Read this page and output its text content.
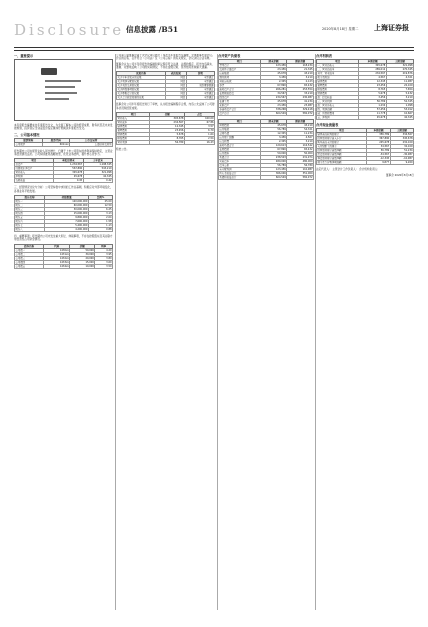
Disclosure 信息披露 /B51	2020年8月18日 星期二 上海证券报
一、重要提示
本年度报告摘要来自年度报告全文，为全面了解本公司的经营成果、财务状况及未来发展规划，投资者应当到证监会指定媒体仔细阅读年度报告全文。
二、公司基本情况
股票简称	股票代码	上市交易所
公司股票	601xxx	上海证券交易所
报告期内公司实现营业收入同比增长，归属于上市公司股东的净利润保持稳定，主营业务经营情况良好。公司持续推进战略转型，优化业务结构，提升核心竞争力。
项目	本报告期末	上年度末
总资产	1,234,567	1,198,345
归属股东净资产	567,890	543,210
营业收入	345,678	321,098
净利润	45,678	42,345
每股收益	0.45	0.42
三、经营情况讨论与分析：公司坚持稳中求进的工作总基调，积极应对外部环境变化，各项业务平稳发展。
股东名称	持股数量	比例%
股东一	120,000,000	25.00
股东二	60,000,000	12.50
股东三	30,000,000	6.25
股东四	15,000,000	3.13
股东五	9,800,000	2.04
股东六	7,600,000	1.58
股东七	5,400,000	1.13
股东八	4,200,000	0.88
四、重要事项：报告期内公司未发生重大诉讼、仲裁事项，不存在控股股东及其关联方非经营性占用资金情况。
债券名称	代码	余额	利率
公司债一	1430xx	50,000	4.20
公司债二	1431xx	30,000	3.95
公司债三	1432xx	20,000	3.80
公司债四	1433xx	15,000	3.60
公司债五	1434xx	10,000	3.50
公司第八届董事会第十次会议审议通过了本次半年度报告及摘要，全体董事出席会议。会议的召集、召开符合《公司法》及《公司章程》的有关规定，会议决议合法有效。
董事会认为公司半年度报告的编制和审议程序符合法律、法规的规定，报告内容真实、准确、完整地反映了公司的实际情况，不存在虚假记载、误导性陈述或重大遗漏。
议案名称	表决结果	说明
关于半年度报告的议案	同意	全票通过
关于利润分配的议案	同意	全票通过
关于关联交易的议案	同意	关联董事回避
关于担保事项的议案	同意	全票通过
关于募集资金的议案	同意	全票通过
关于会计政策变更的议案	同意	全票通过
监事会对公司半年度报告进行了审核，认为报告编制程序合规，内容公允反映了公司财务状况和经营成果。
项目	金额	占比
营业收入	345,678	100.00
营业成本	234,567	67.86
销售费用	12,345	3.57
管理费用	23,456	6.79
财务费用	5,678	1.64
研发费用	8,765	2.54
营业利润	56,789	16.43
特此公告。
合并资产负债表
项目	期末余额	期初余额
货币资金	123,456	118,234
交易性金融资产	23,456	21,345
应收账款	45,678	43,210
预付款项	3,456	3,210
其他应收款	2,345	2,123
存货	67,890	65,432
流动资产合计	266,281	253,554
长期股权投资	34,567	33,210
固定资产	234,567	230,987
在建工程	45,678	41,234
无形资产	23,456	23,987
非流动资产合计	338,268	329,418
资产总计	604,549	582,972
项目	期末余额	期初余额
短期借款	45,678	43,210
应付账款	56,789	54,321
合同负债	12,345	11,234
应付职工薪酬	3,456	4,567
应交税费	2,345	3,210
流动负债合计	120,613	116,542
长期借款	67,890	65,432
应付债券	50,000	50,000
负债合计	238,503	231,974
实收资本	480,000	480,000
资本公积	56,789	56,789
未分配利润	123,456	110,987
所有者权益合计	366,046	351,000
负债和权益总计	604,549	582,972
合并利润表
项目	本期金额	上期金额
一、营业总收入	345,678	321,098
二、营业总成本	289,012	270,345
其中：营业成本	234,567	219,876
税金及附加	4,567	4,321
销售费用	12,345	11,987
管理费用	23,456	22,109
研发费用	8,765	7,654
财务费用	5,678	5,432
加：投资收益	3,456	3,210
三、营业利润	56,789	52,345
加：营业外收入	1,234	1,098
四、利润总额	57,456	53,012
减：所得税费用	11,778	10,667
五、净利润	45,678	42,345
合并现金流量表
项目	本期金额	上期金额
销售商品收到的现金	356,789	334,567
经营活动现金流入小计	367,890	345,678
购买商品支付的现金	245,678	232,109
支付给职工的现金	34,567	32,109
经营活动现金流量净额	56,789	51,234
投资活动现金流量净额	-34,567	-30,987
筹资活动现金流量净额	-12,345	-10,987
现金及等价物净增加额	9,877	9,260
法定代表人： 主管会计工作负责人： 会计机构负责人：
董事会 2020年8月18日
